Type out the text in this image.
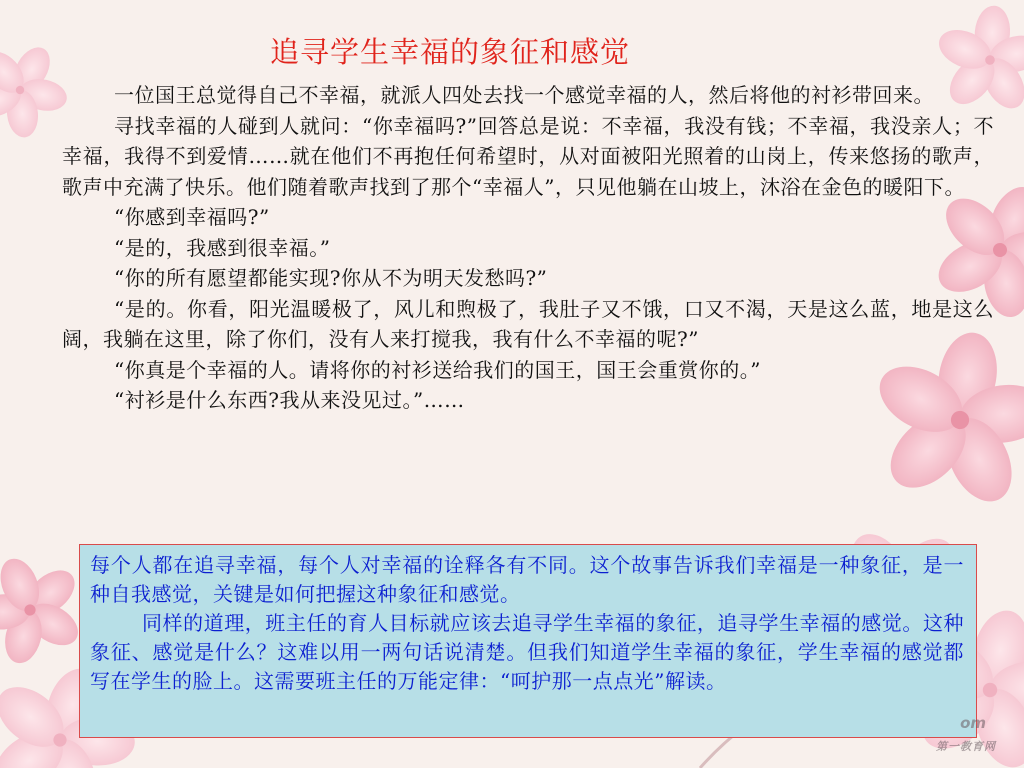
追寻学生幸福的象征和感觉

一位国王总觉得自己不幸福，就派人四处去找一个感觉幸福的人，然后将他的衬衫带回来。

寻找幸福的人碰到人就问：“你幸福吗?”回答总是说：不幸福，我没有钱；不幸福，我没亲人；不幸福，我得不到爱情……就在他们不再抱任何希望时，从对面被阳光照着的山岗上，传来悠扬的歌声，歌声中充满了快乐。他们随着歌声找到了那个“幸福人”，只见他躺在山坡上，沐浴在金色的暖阳下。

“你感到幸福吗?”

“是的，我感到很幸福。”

“你的所有愿望都能实现?你从不为明天发愁吗?”

“是的。你看，阳光温暖极了，风儿和煦极了，我肚子又不饿，口又不渴，天是这么蓝，地是这么阔，我躺在这里，除了你们，没有人来打搅我，我有什么不幸福的呢?”

“你真是个幸福的人。请将你的衬衫送给我们的国王，国王会重赏你的。”

“衬衫是什么东西?我从来没见过。”……

每个人都在追寻幸福，每个人对幸福的诠释各有不同。这个故事告诉我们幸福是一种象征，是一种自我感觉，关键是如何把握这种象征和感觉。

同样的道理，班主任的育人目标就应该去追寻学生幸福的象征，追寻学生幸福的感觉。这种象征、感觉是什么？这难以用一两句话说清楚。但我们知道学生幸福的象征，学生幸福的感觉都写在学生的脸上。这需要班主任的万能定律：“呵护那一点点光”解读。

om
第一教育网
